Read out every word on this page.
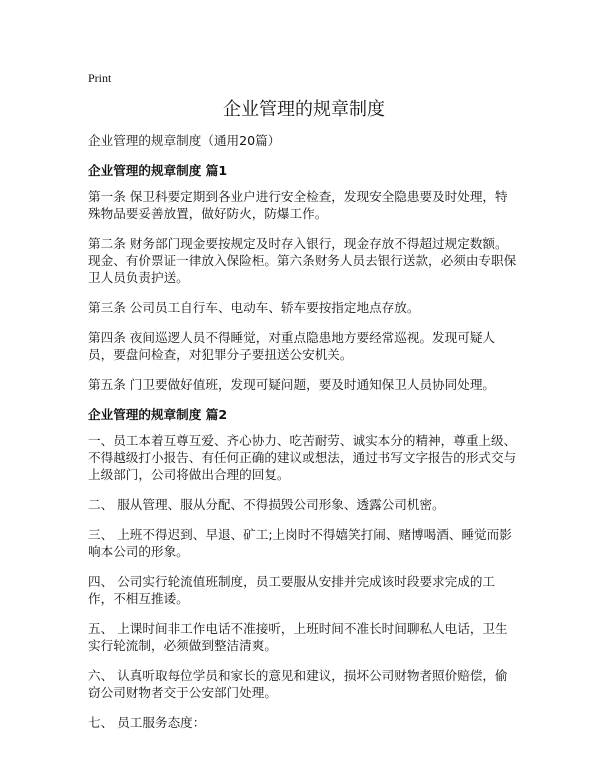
Print
企业管理的规章制度

企业管理的规章制度（通用20篇）

企业管理的规章制度 篇1

第一条 保卫科要定期到各业户进行安全检查，发现安全隐患要及时处理，特殊物品要妥善放置，做好防火，防爆工作。

第二条 财务部门现金要按规定及时存入银行，现金存放不得超过规定数额。现金、有价票证一律放入保险柜。第六条财务人员去银行送款，必须由专职保卫人员负责护送。

第三条 公司员工自行车、电动车、轿车要按指定地点存放。

第四条 夜间巡逻人员不得睡觉，对重点隐患地方要经常巡视。发现可疑人员，要盘问检查，对犯罪分子要扭送公安机关。

第五条 门卫要做好值班，发现可疑问题，要及时通知保卫人员协同处理。

企业管理的规章制度 篇2

一、员工本着互尊互爱、齐心协力、吃苦耐劳、诚实本分的精神，尊重上级、不得越级打小报告、有任何正确的建议或想法，通过书写文字报告的形式交与上级部门，公司将做出合理的回复。

二、 服从管理、服从分配、不得损毁公司形象、透露公司机密。

三、 上班不得迟到、早退、矿工;上岗时不得嬉笑打闹、赌博喝酒、睡觉而影响本公司的形象。

四、 公司实行轮流值班制度，员工要服从安排并完成该时段要求完成的工作，不相互推诿。

五、 上课时间非工作电话不准接听，上班时间不准长时间聊私人电话，卫生实行轮流制，必须做到整洁清爽。

六、 认真听取每位学员和家长的意见和建议，损坏公司财物者照价赔偿，偷窃公司财物者交于公安部门处理。

七、 员工服务态度：
